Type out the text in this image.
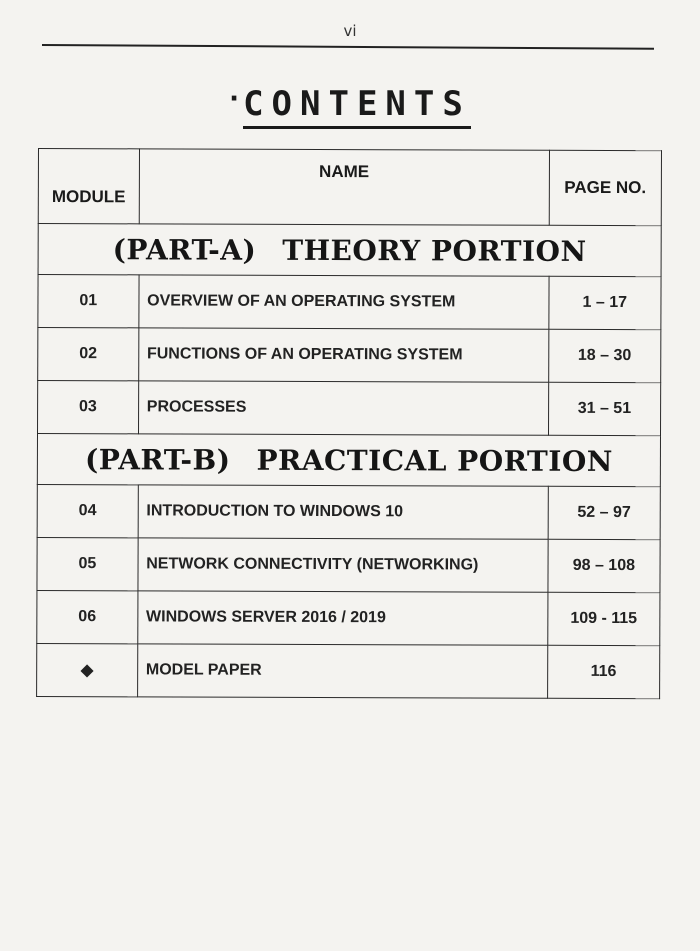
vi
· CONTENTS
MODULE	NAME	PAGE NO.
(PART-A) THEORY PORTION		
01	OVERVIEW OF AN OPERATING SYSTEM	1 – 17
02	FUNCTIONS OF AN OPERATING SYSTEM	18 – 30
03	PROCESSES	31 – 51
(PART-B) PRACTICAL PORTION		
04	INTRODUCTION TO WINDOWS 10	52 – 97
05	NETWORK CONNECTIVITY (NETWORKING)	98 – 108
06	WINDOWS SERVER 2016 / 2019	109 - 115
◆	MODEL PAPER	116
